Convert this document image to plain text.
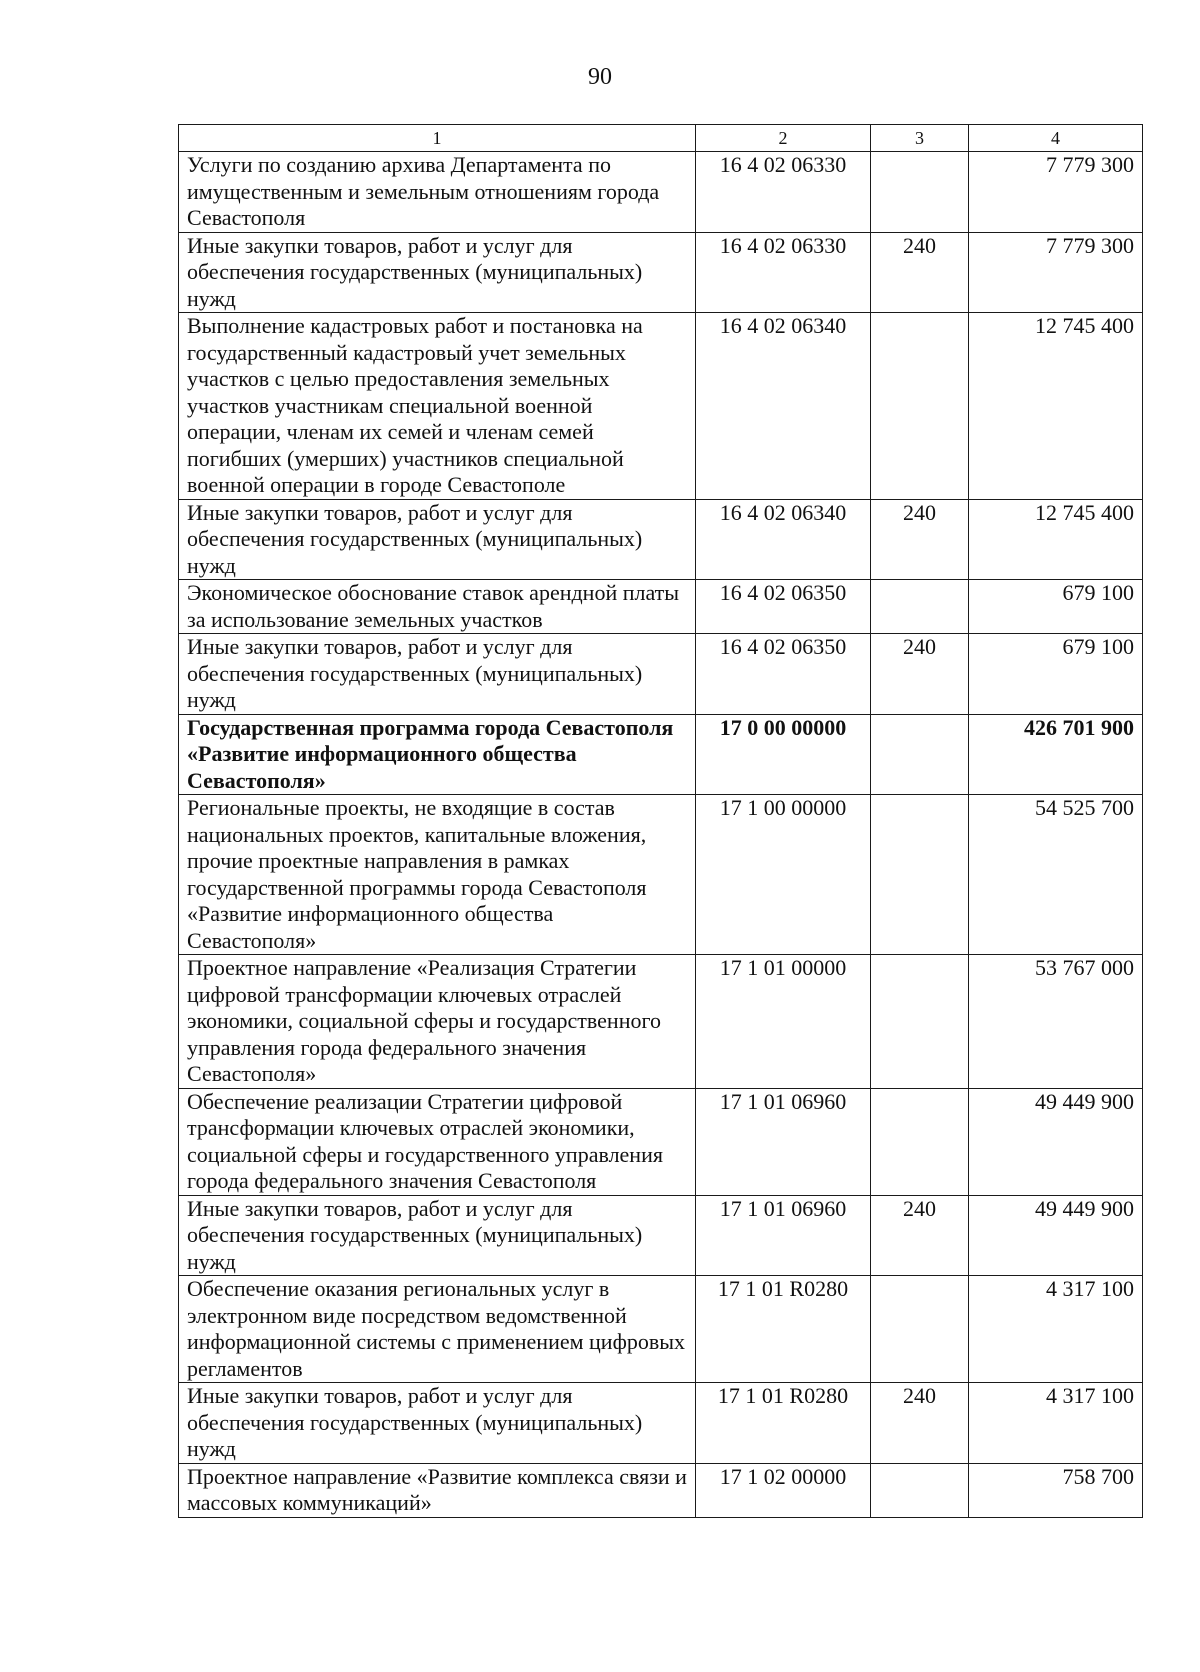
90
1	2	3	4
Услуги по созданию архива Департамента по имущественным и земельным отношениям города Севастополя	16 4 02 06330		7 779 300
Иные закупки товаров, работ и услуг для обеспечения государственных (муниципальных) нужд	16 4 02 06330	240	7 779 300
Выполнение кадастровых работ и постановка на государственный кадастровый учет земельных участков с целью предоставления земельных участков участникам специальной военной операции, членам их семей и членам семей погибших (умерших) участников специальной военной операции в городе Севастополе	16 4 02 06340		12 745 400
Иные закупки товаров, работ и услуг для обеспечения государственных (муниципальных) нужд	16 4 02 06340	240	12 745 400
Экономическое обоснование ставок арендной платы за использование земельных участков	16 4 02 06350		679 100
Иные закупки товаров, работ и услуг для обеспечения государственных (муниципальных) нужд	16 4 02 06350	240	679 100
Государственная программа города Севастополя «Развитие информационного общества Севастополя»	17 0 00 00000		426 701 900
Региональные проекты, не входящие в состав национальных проектов, капитальные вложения, прочие проектные направления в рамках государственной программы города Севастополя «Развитие информационного общества Севастополя»	17 1 00 00000		54 525 700
Проектное направление «Реализация Стратегии цифровой трансформации ключевых отраслей экономики, социальной сферы и государственного управления города федерального значения Севастополя»	17 1 01 00000		53 767 000
Обеспечение реализации Стратегии цифровой трансформации ключевых отраслей экономики, социальной сферы и государственного управления города федерального значения Севастополя	17 1 01 06960		49 449 900
Иные закупки товаров, работ и услуг для обеспечения государственных (муниципальных) нужд	17 1 01 06960	240	49 449 900
Обеспечение оказания региональных услуг в электронном виде посредством ведомственной информационной системы с применением цифровых регламентов	17 1 01 R0280		4 317 100
Иные закупки товаров, работ и услуг для обеспечения государственных (муниципальных) нужд	17 1 01 R0280	240	4 317 100
Проектное направление «Развитие комплекса связи и массовых коммуникаций»	17 1 02 00000		758 700
